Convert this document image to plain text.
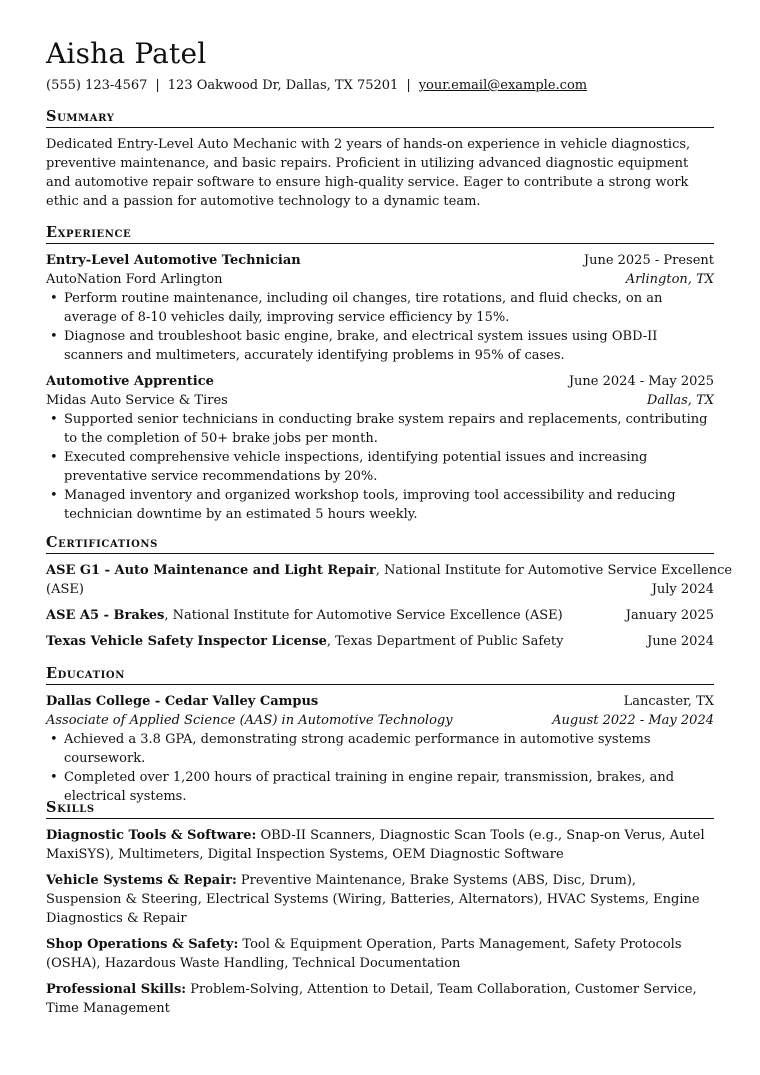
Aisha Patel
(555) 123-4567 | 123 Oakwood Dr, Dallas, TX 75201 | your.email@example.com
Summary
Dedicated Entry-Level Auto Mechanic with 2 years of hands-on experience in vehicle diagnostics, preventive maintenance, and basic repairs. Proficient in utilizing advanced diagnostic equipment and automotive repair software to ensure high-quality service. Eager to contribute a strong work ethic and a passion for automotive technology to a dynamic team.
Experience
Entry-Level Automotive Technician	June 2025 - Present
AutoNation Ford Arlington	Arlington, TX
• Perform routine maintenance, including oil changes, tire rotations, and fluid checks, on an average of 8-10 vehicles daily, improving service efficiency by 15%.
• Diagnose and troubleshoot basic engine, brake, and electrical system issues using OBD-II scanners and multimeters, accurately identifying problems in 95% of cases.
Automotive Apprentice	June 2024 - May 2025
Midas Auto Service & Tires	Dallas, TX
• Supported senior technicians in conducting brake system repairs and replacements, contributing to the completion of 50+ brake jobs per month.
• Executed comprehensive vehicle inspections, identifying potential issues and increasing preventative service recommendations by 20%.
• Managed inventory and organized workshop tools, improving tool accessibility and reducing technician downtime by an estimated 5 hours weekly.
Certifications
ASE G1 - Auto Maintenance and Light Repair, National Institute for Automotive Service Excellence
(ASE)	July 2024
ASE A5 - Brakes, National Institute for Automotive Service Excellence (ASE)	January 2025
Texas Vehicle Safety Inspector License, Texas Department of Public Safety	June 2024
Education
Dallas College - Cedar Valley Campus	Lancaster, TX
Associate of Applied Science (AAS) in Automotive Technology	August 2022 - May 2024
• Achieved a 3.8 GPA, demonstrating strong academic performance in automotive systems coursework.
• Completed over 1,200 hours of practical training in engine repair, transmission, brakes, and electrical systems.
Skills
Diagnostic Tools & Software: OBD-II Scanners, Diagnostic Scan Tools (e.g., Snap-on Verus, Autel MaxiSYS), Multimeters, Digital Inspection Systems, OEM Diagnostic Software
Vehicle Systems & Repair: Preventive Maintenance, Brake Systems (ABS, Disc, Drum), Suspension & Steering, Electrical Systems (Wiring, Batteries, Alternators), HVAC Systems, Engine Diagnostics & Repair
Shop Operations & Safety: Tool & Equipment Operation, Parts Management, Safety Protocols (OSHA), Hazardous Waste Handling, Technical Documentation
Professional Skills: Problem-Solving, Attention to Detail, Team Collaboration, Customer Service, Time Management
